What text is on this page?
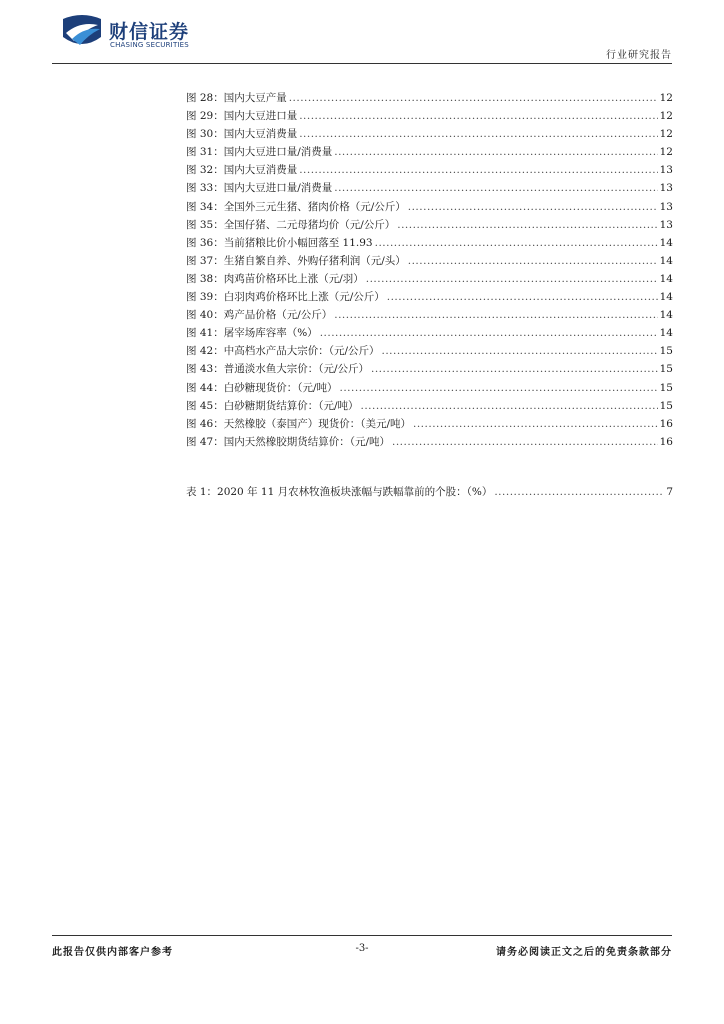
财信证券
CHASING SECURITIES
行业研究报告
图 28：国内大豆产量 .....	12
图 29：国内大豆进口量 .....	12
图 30：国内大豆消费量 .....	12
图 31：国内大豆进口量/消费量 .....	12
图 32：国内大豆消费量 .....	13
图 33：国内大豆进口量/消费量 .....	13
图 34：全国外三元生猪、猪肉价格（元/公斤） .....	13
图 35：全国仔猪、二元母猪均价（元/公斤） .....	13
图 36：当前猪粮比价小幅回落至 11.93 .....	14
图 37：生猪自繁自养、外购仔猪利润（元/头） .....	14
图 38：肉鸡苗价格环比上涨（元/羽） .....	14
图 39：白羽肉鸡价格环比上涨（元/公斤） .....	14
图 40：鸡产品价格（元/公斤） .....	14
图 41：屠宰场库容率（%） .....	14
图 42：中高档水产品大宗价：（元/公斤） .....	15
图 43：普通淡水鱼大宗价：（元/公斤） .....	15
图 44：白砂糖现货价：（元/吨） .....	15
图 45：白砂糖期货结算价：（元/吨） .....	15
图 46：天然橡胶（泰国产）现货价：（美元/吨） .....	16
图 47：国内天然橡胶期货结算价：（元/吨） .....	16
表 1：2020 年 11 月农林牧渔板块涨幅与跌幅靠前的个股：（%） .....	7
此报告仅供内部客户参考	-3-	请务必阅读正文之后的免责条款部分
